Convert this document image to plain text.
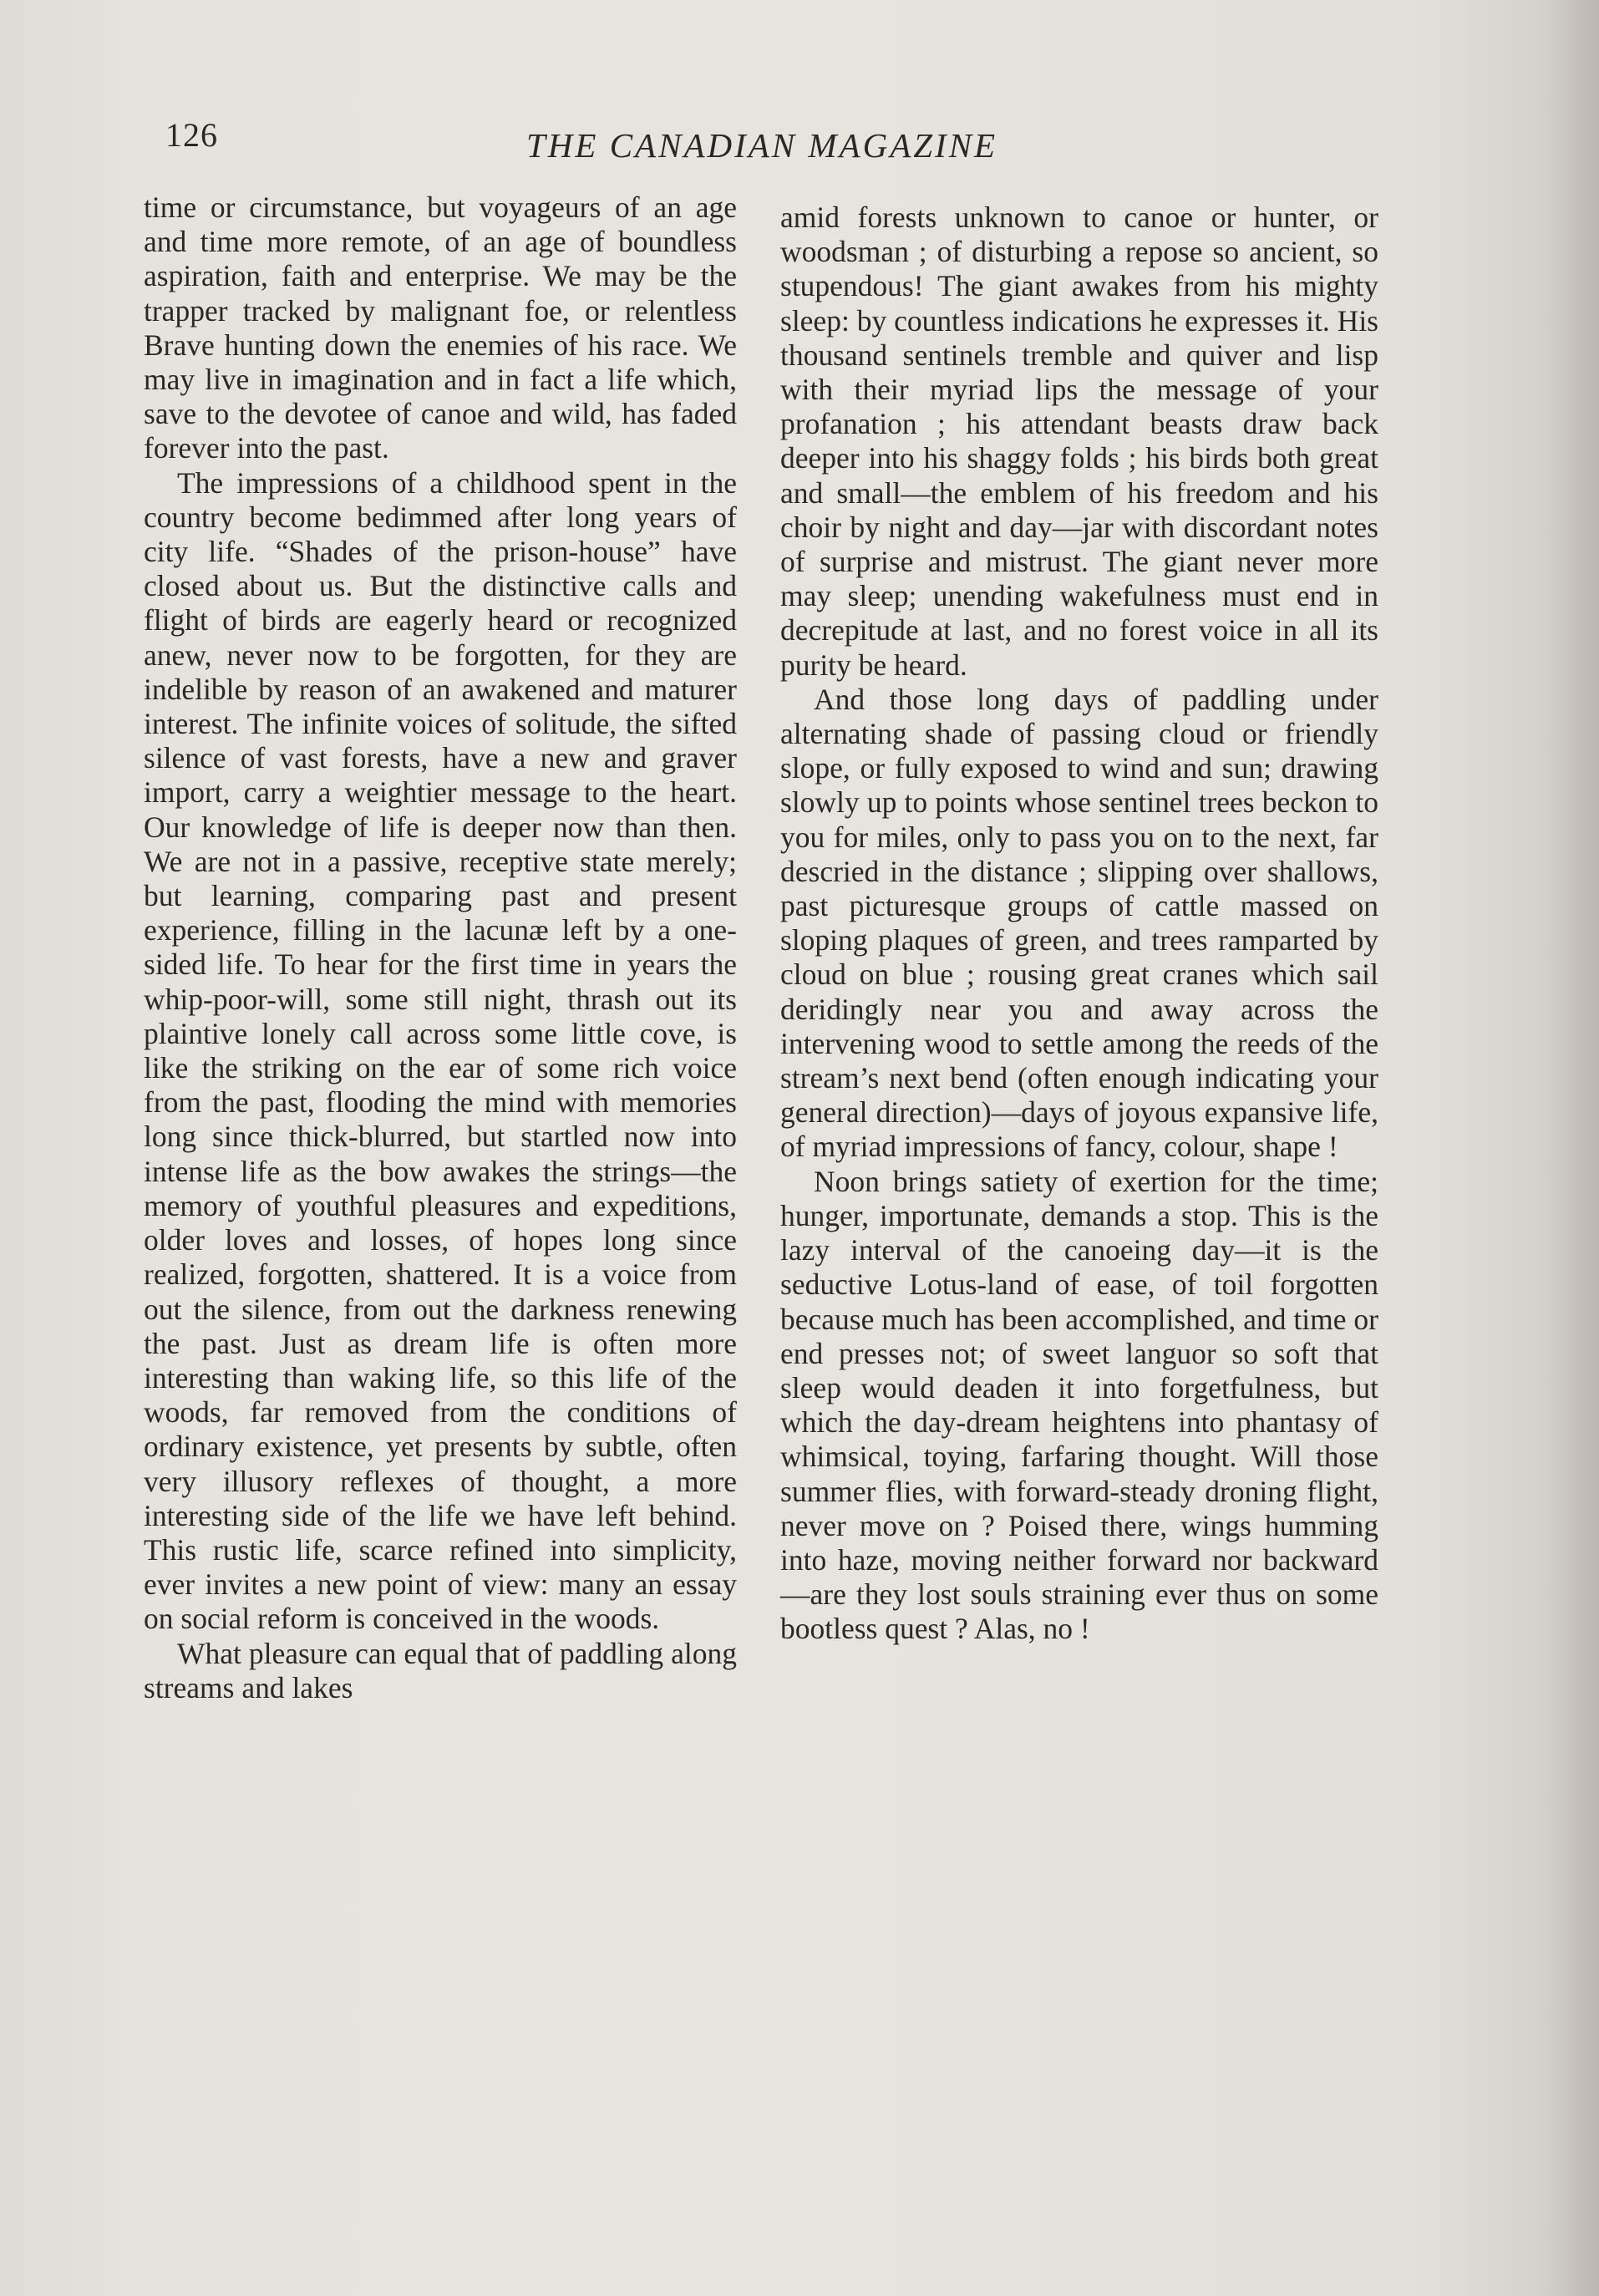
126	THE CANADIAN MAGAZINE

time or circumstance, but voyageurs of an age and time more remote, of an age of boundless aspiration, faith and enterprise. We may be the trapper tracked by malignant foe, or relentless Brave hunting down the enemies of his race. We may live in imagination and in fact a life which, save to the devotee of canoe and wild, has faded forever into the past.

The impressions of a childhood spent in the country become bedimmed after long years of city life. “Shades of the prison-house” have closed about us. But the distinctive calls and flight of birds are eagerly heard or recognized anew, never now to be forgotten, for they are indelible by reason of an awakened and maturer interest. The infinite voices of solitude, the sifted silence of vast forests, have a new and graver import, carry a weightier message to the heart. Our knowledge of life is deeper now than then. We are not in a passive, receptive state merely; but learning, comparing past and present experience, filling in the lacunæ left by a one-sided life. To hear for the first time in years the whip-poor-will, some still night, thrash out its plaintive lonely call across some little cove, is like the striking on the ear of some rich voice from the past, flooding the mind with memories long since thick-blurred, but startled now into intense life as the bow awakes the strings—the memory of youthful pleasures and expeditions, older loves and losses, of hopes long since realized, forgotten, shattered. It is a voice from out the silence, from out the darkness renewing the past. Just as dream life is often more interesting than waking life, so this life of the woods, far removed from the conditions of ordinary existence, yet presents by subtle, often very illusory reflexes of thought, a more interesting side of the life we have left behind. This rustic life, scarce refined into simplicity, ever invites a new point of view: many an essay on social reform is conceived in the woods.

What pleasure can equal that of paddling along streams and lakes

amid forests unknown to canoe or hunter, or woodsman ; of disturbing a repose so ancient, so stupendous! The giant awakes from his mighty sleep: by countless indications he expresses it. His thousand sentinels tremble and quiver and lisp with their myriad lips the message of your profanation ; his attendant beasts draw back deeper into his shaggy folds ; his birds both great and small—the emblem of his freedom and his choir by night and day—jar with discordant notes of surprise and mistrust. The giant never more may sleep; unending wakefulness must end in decrepitude at last, and no forest voice in all its purity be heard.

And those long days of paddling under alternating shade of passing cloud or friendly slope, or fully exposed to wind and sun; drawing slowly up to points whose sentinel trees beckon to you for miles, only to pass you on to the next, far descried in the distance ; slipping over shallows, past picturesque groups of cattle massed on sloping plaques of green, and trees ramparted by cloud on blue ; rousing great cranes which sail deridingly near you and away across the intervening wood to settle among the reeds of the stream’s next bend (often enough indicating your general direction)—days of joyous expansive life, of myriad impressions of fancy, colour, shape !

Noon brings satiety of exertion for the time; hunger, importunate, demands a stop. This is the lazy interval of the canoeing day—it is the seductive Lotus-land of ease, of toil forgotten because much has been accomplished, and time or end presses not; of sweet languor so soft that sleep would deaden it into forgetfulness, but which the day-dream heightens into phantasy of whimsical, toying, farfaring thought. Will those summer flies, with forward-steady droning flight, never move on ? Poised there, wings humming into haze, moving neither forward nor backward—are they lost souls straining ever thus on some bootless quest ? Alas, no !
